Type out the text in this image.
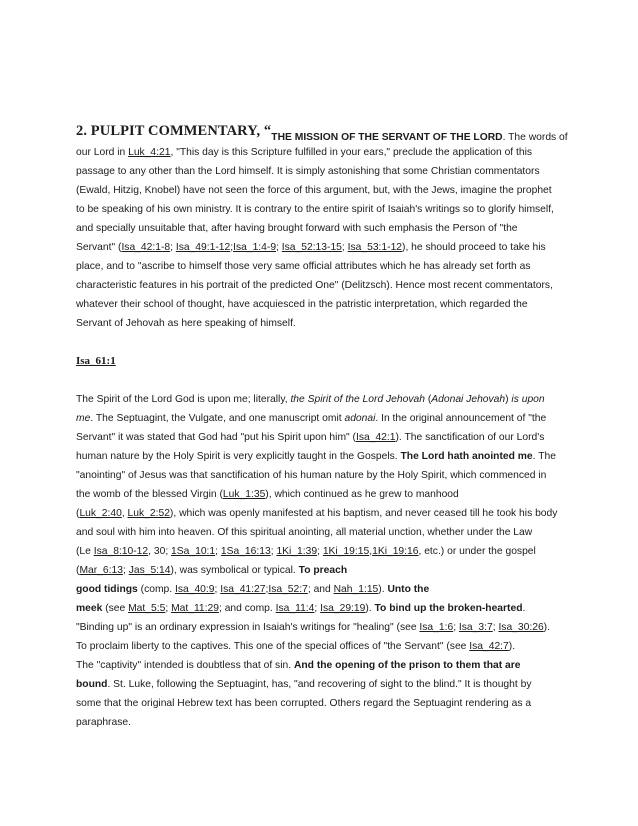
2. PULPIT COMMENTARY, “THE MISSION OF THE SERVANT OF THE LORD. The words of
our Lord in Luk_4:21, "This day is this Scripture fulfilled in your ears," preclude the application of this
passage to any other than the Lord himself. It is simply astonishing that some Christian commentators
(Ewald, Hitzig, Knobel) have not seen the force of this argument, but, with the Jews, imagine the prophet
to be speaking of his own ministry. It is contrary to the entire spirit of Isaiah's writings so to glorify himself,
and specially unsuitable that, after having brought forward with such emphasis the Person of "the
Servant" (Isa_42:1-8; Isa_49:1-12;Isa_1:4-9; Isa_52:13-15; Isa_53:1-12), he should proceed to take his
place, and to "ascribe to himself those very same official attributes which he has already set forth as
characteristic features in his portrait of the predicted One" (Delitzsch). Hence most recent commentators,
whatever their school of thought, have acquiesced in the patristic interpretation, which regarded the
Servant of Jehovah as here speaking of himself.
Isa_61:1
The Spirit of the Lord God is upon me; literally, the Spirit of the Lord Jehovah (Adonai Jehovah) is upon
me. The Septuagint, the Vulgate, and one manuscript omit adonai. In the original announcement of "the
Servant" it was stated that God had "put his Spirit upon him" (Isa_42:1). The sanctification of our Lord's
human nature by the Holy Spirit is very explicitly taught in the Gospels. The Lord hath anointed me. The
"anointing" of Jesus was that sanctification of his human nature by the Holy Spirit, which commenced in
the womb of the blessed Virgin (Luk_1:35), which continued as he grew to manhood
(Luk_2:40, Luk_2:52), which was openly manifested at his baptism, and never ceased till he took his body
and soul with him into heaven. Of this spiritual anointing, all material unction, whether under the Law
(Le Isa_8:10-12, 30; 1Sa_10:1; 1Sa_16:13; 1Ki_1:39; 1Ki_19:15,1Ki_19:16, etc.) or under the gospel
(Mar_6:13; Jas_5:14), was symbolical or typical. To preach
good tidings (comp. Isa_40:9; Isa_41:27;Isa_52:7; and Nah_1:15). Unto the
meek (see Mat_5:5; Mat_11:29; and comp. Isa_11:4; Isa_29:19). To bind up the broken-hearted.
"Binding up" is an ordinary expression in Isaiah's writings for "healing" (see Isa_1:6; Isa_3:7; Isa_30:26).
To proclaim liberty to the captives. This one of the special offices of "the Servant" (see Isa_42:7).
The "captivity" intended is doubtless that of sin. And the opening of the prison to them that are
bound. St. Luke, following the Septuagint, has, "and recovering of sight to the blind." It is thought by
some that the original Hebrew text has been corrupted. Others regard the Septuagint rendering as a
paraphrase.
